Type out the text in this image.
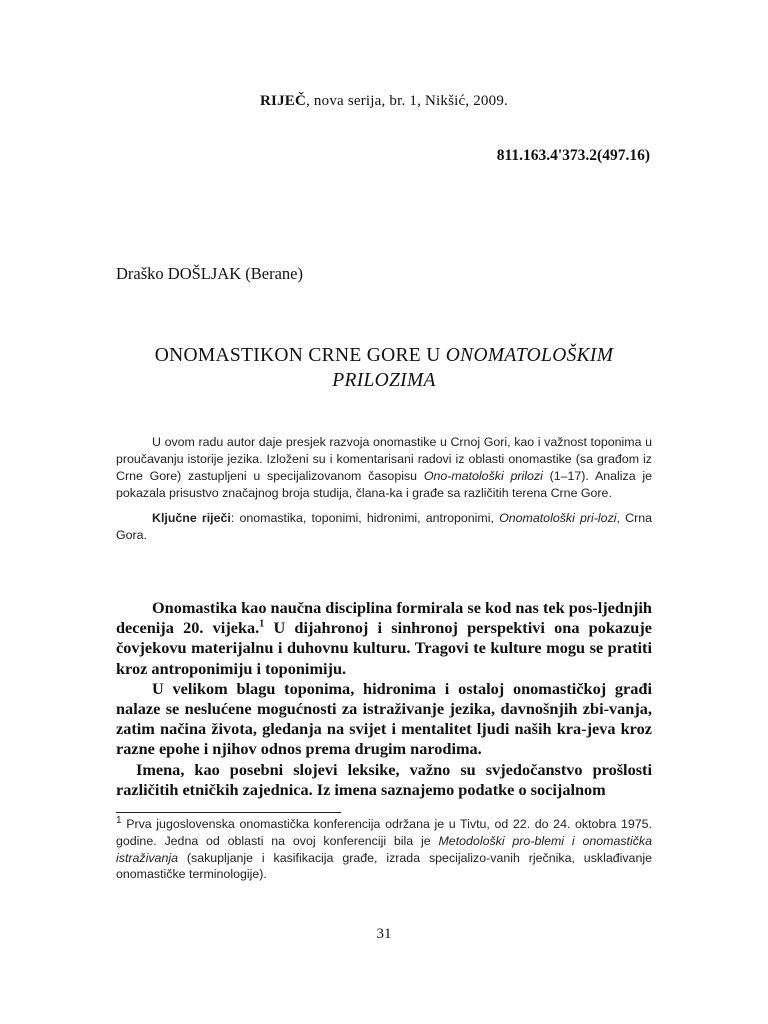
RIJEČ, nova serija, br. 1, Nikšić, 2009.
811.163.4'373.2(497.16)
Draško DOŠLJAK (Berane)
ONOMASTIKON CRNE GORE U ONOMATOLOŠKIM
PRILOZIMA

U ovom radu autor daje presjek razvoja onomastike u Crnoj Gori, kao i važnost toponima u proučavanju istorije jezika. Izloženi su i komentarisani radovi iz oblasti onomastike (sa građom iz Crne Gore) zastupljeni u specijalizovanom časopisu Ono-matološki prilozi (1–17). Analiza je pokazala prisustvo značajnog broja studija, člana-ka i građe sa različitih terena Crne Gore.

Ključne riječi: onomastika, toponimi, hidronimi, antroponimi, Onomatološki pri-lozi, Crna Gora.

Onomastika kao naučna disciplina formirala se kod nas tek pos-ljednjih decenija 20. vijeka.$^1$ U dijahronoj i sinhronoj perspektivi ona pokazuje čovjekovu materijalnu i duhovnu kulturu. Tragovi te kulture mogu se pratiti kroz antroponimiju i toponimiju.

U velikom blagu toponima, hidronima i ostaloj onomastičkoj građi nalaze se neslućene mogućnosti za istraživanje jezika, davnošnjih zbi-vanja, zatim načina života, gledanja na svijet i mentalitet ljudi naših kra-jeva kroz razne epohe i njihov odnos prema drugim narodima.

Imena, kao posebni slojevi leksike, važno su svjedočanstvo prošlosti različitih etničkih zajednica. Iz imena saznajemo podatke o socijalnom

$^1$ Prva jugoslovenska onomastička konferencija održana je u Tivtu, od 22. do 24. oktobra 1975. godine. Jedna od oblasti na ovoj konferenciji bila je Metodološki pro-blemi i onomastička istraživanja (sakupljanje i kasifikacija građe, izrada specijalizo-vanih rječnika, usklađivanje onomastičke terminologije).

31
